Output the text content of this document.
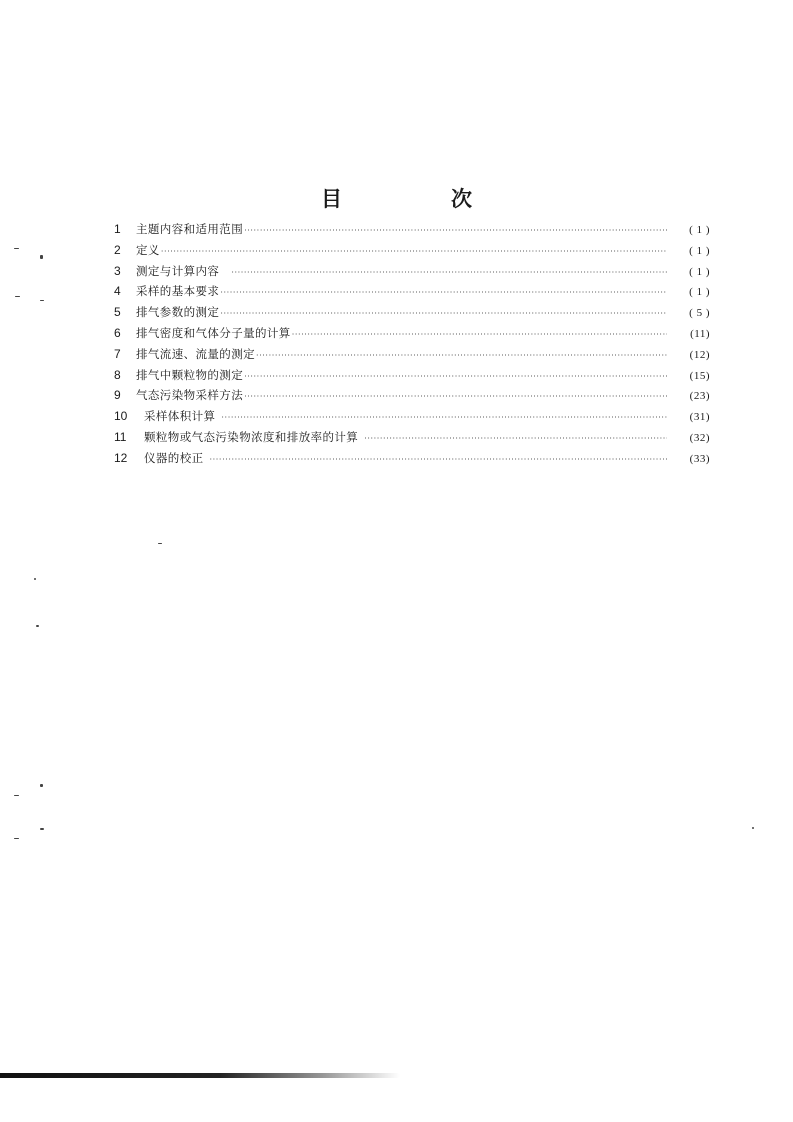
目　次
1	主题内容和适用范围 ·····	( 1 )
2	定义 ·····	( 1 )
3	测定与计算内容 ·····	( 1 )
4	采样的基本要求 ·····	( 1 )
5	排气参数的测定 ·····	( 5 )
6	排气密度和气体分子量的计算 ·····	(11)
7	排气流速、流量的测定 ·····	(12)
8	排气中颗粒物的测定 ·····	(15)
9	气态污染物采样方法 ·····	(23)
10	采样体积计算 ·····	(31)
11	颗粒物或气态污染物浓度和排放率的计算 ·····	(32)
12	仪器的校正 ·····	(33)
